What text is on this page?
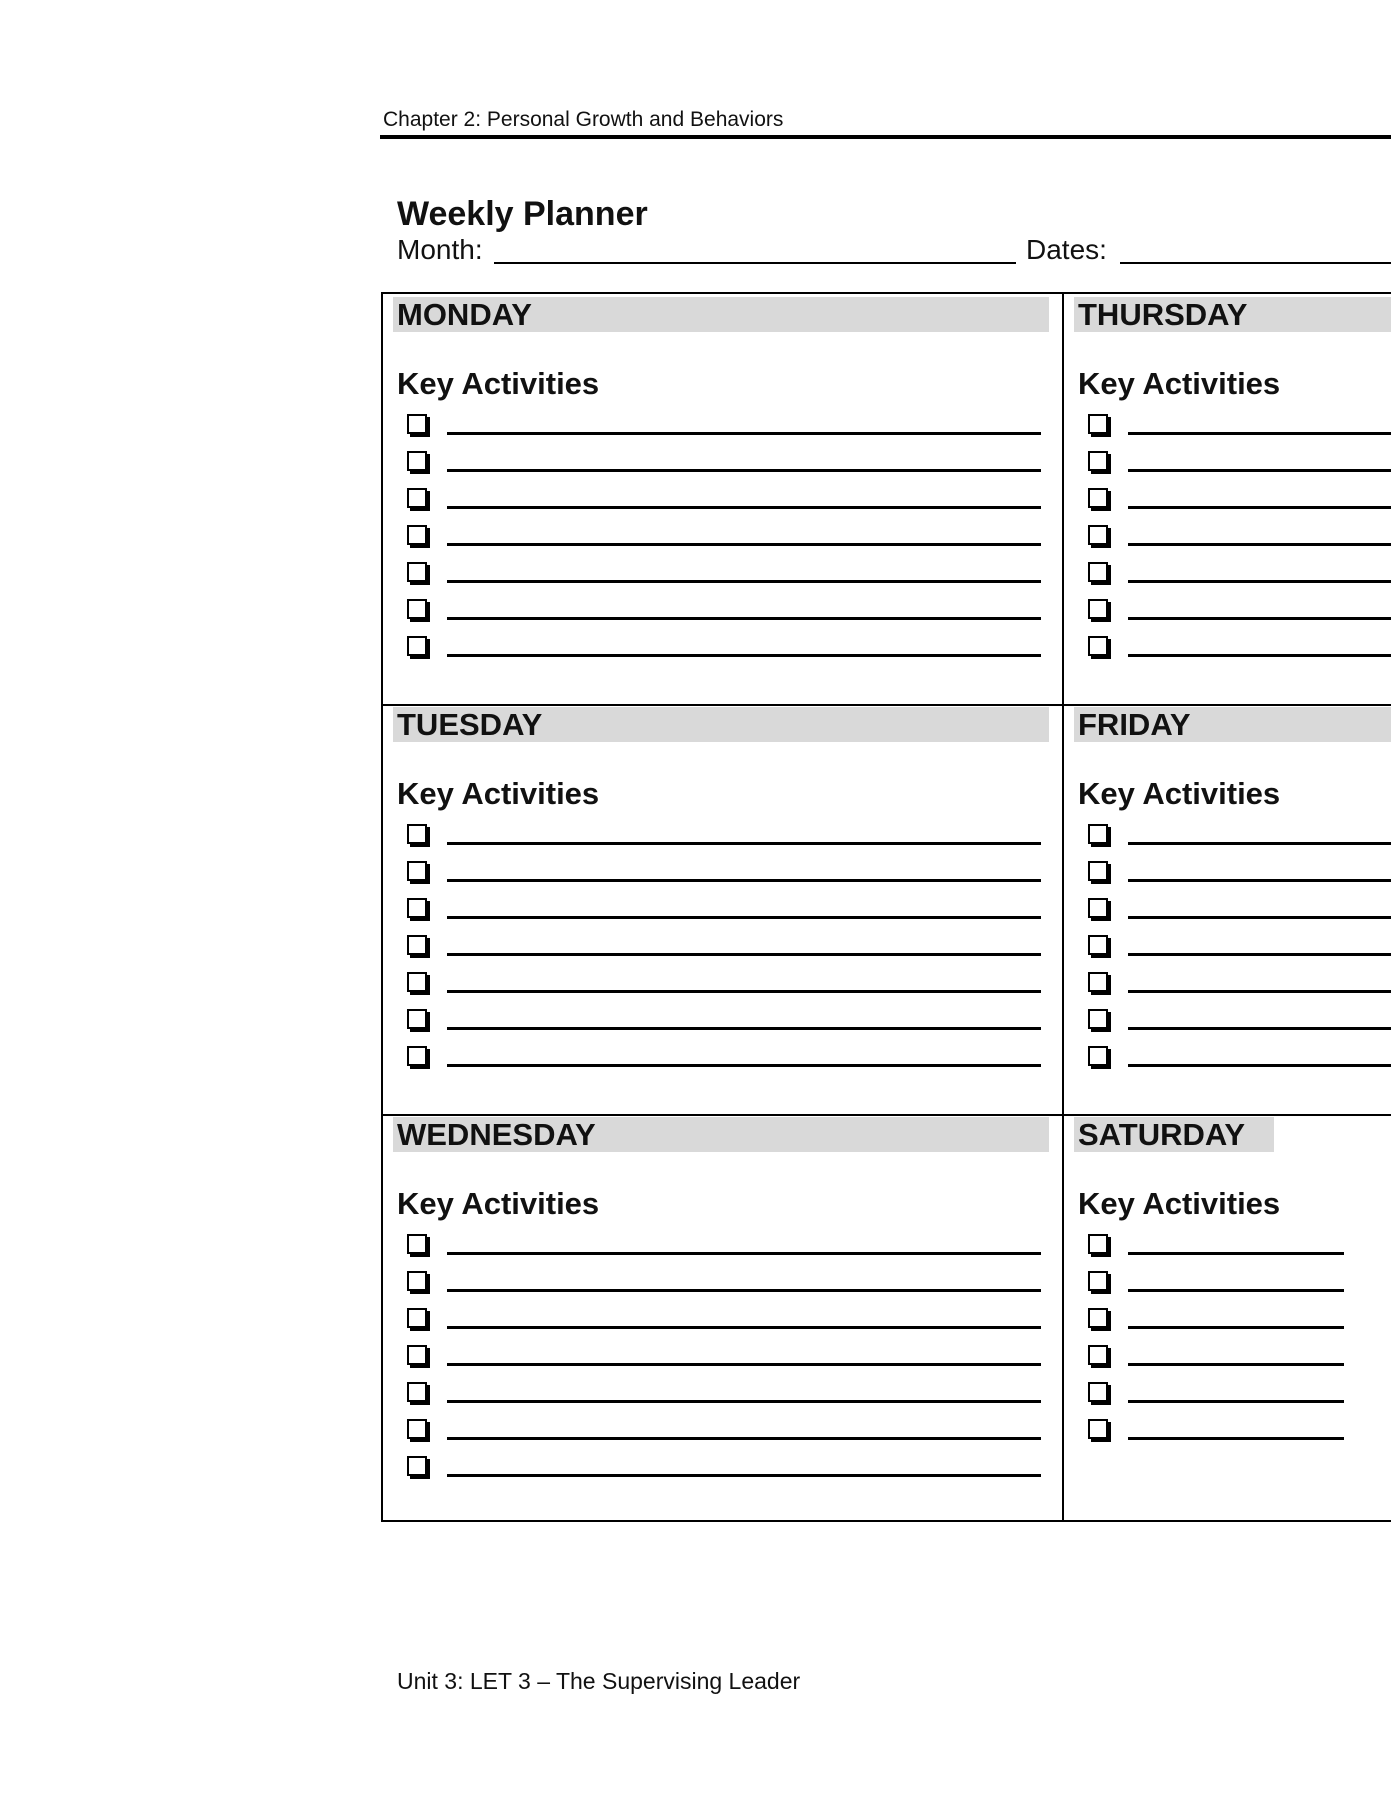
Chapter 2: Personal Growth and Behaviors
Weekly Planner
Month:	Dates:
MONDAY
Key Activities
THURSDAY
Key Activities
TUESDAY
Key Activities
FRIDAY
Key Activities
WEDNESDAY
Key Activities
SATURDAY
Key Activities
Unit 3: LET 3 – The Supervising Leader
